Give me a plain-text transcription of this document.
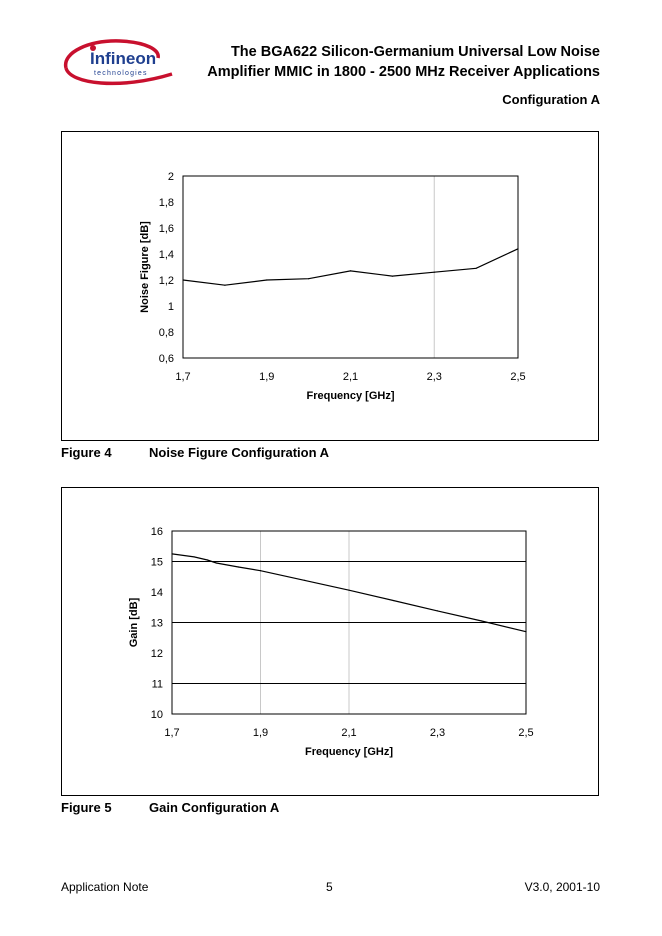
Infineon
technologies
The BGA622 Silicon-Germanium Universal Low Noise
Amplifier MMIC in 1800 - 2500 MHz Receiver Applications
Configuration A
0,6
0,8
1
1,2
1,4
1,6
1,8
2
1,7	1,9	2,1	2,3	2,5
Frequency [GHz]
Noise Figure [dB]
Figure 4	Noise Figure Configuration A
10
11
12
13
14
15
16
1,7	1,9	2,1	2,3	2,5
Frequency [GHz]
Gain [dB]
Figure 5	Gain Configuration A
Application Note	5	V3.0, 2001-10
